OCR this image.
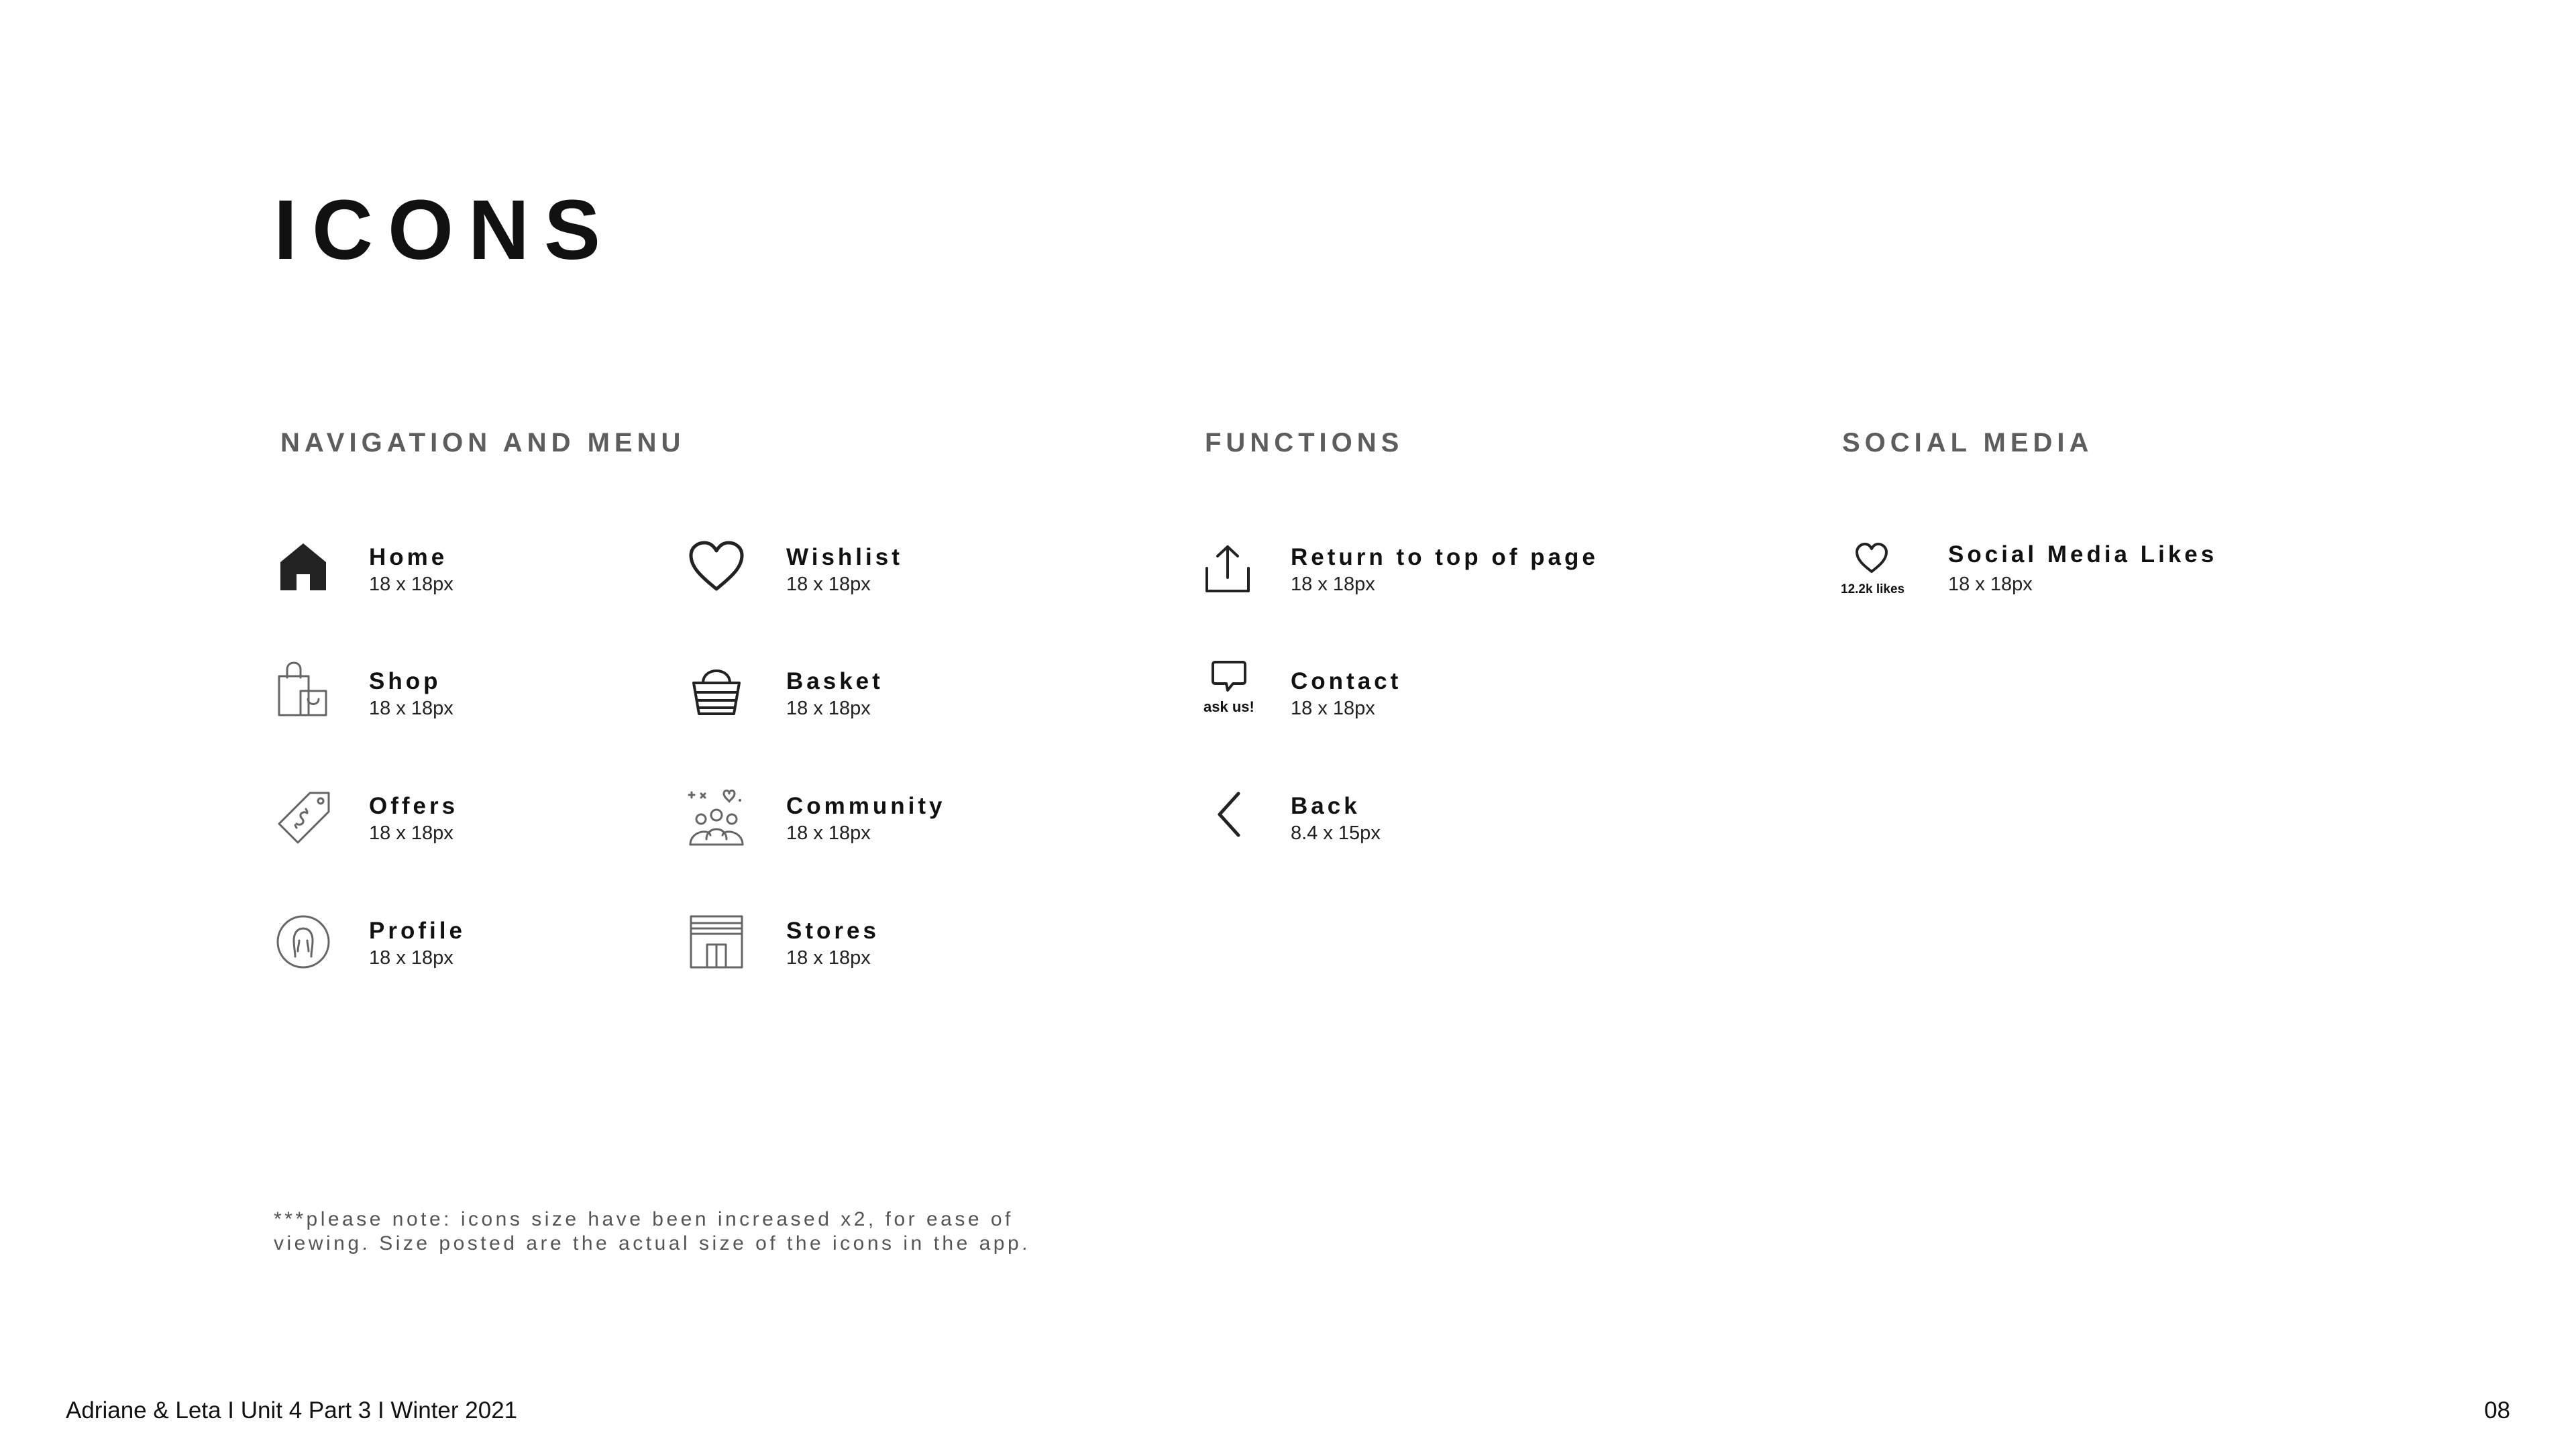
ICONS
NAVIGATION AND MENU	FUNCTIONS	SOCIAL MEDIA
Home
18 x 18px
Wishlist
18 x 18px
Shop
18 x 18px
Basket
18 x 18px
Offers
18 x 18px
Community
18 x 18px
Profile
18 x 18px
Stores
18 x 18px
Return to top of page
18 x 18px
ask us!
Contact
18 x 18px
Back
8.4 x 15px
12.2k likes
Social Media Likes
18 x 18px
***please note: icons size have been increased x2, for ease of viewing. Size posted are the actual size of the icons in the app.
Adriane & Leta I Unit 4 Part 3 I Winter 2021	08
